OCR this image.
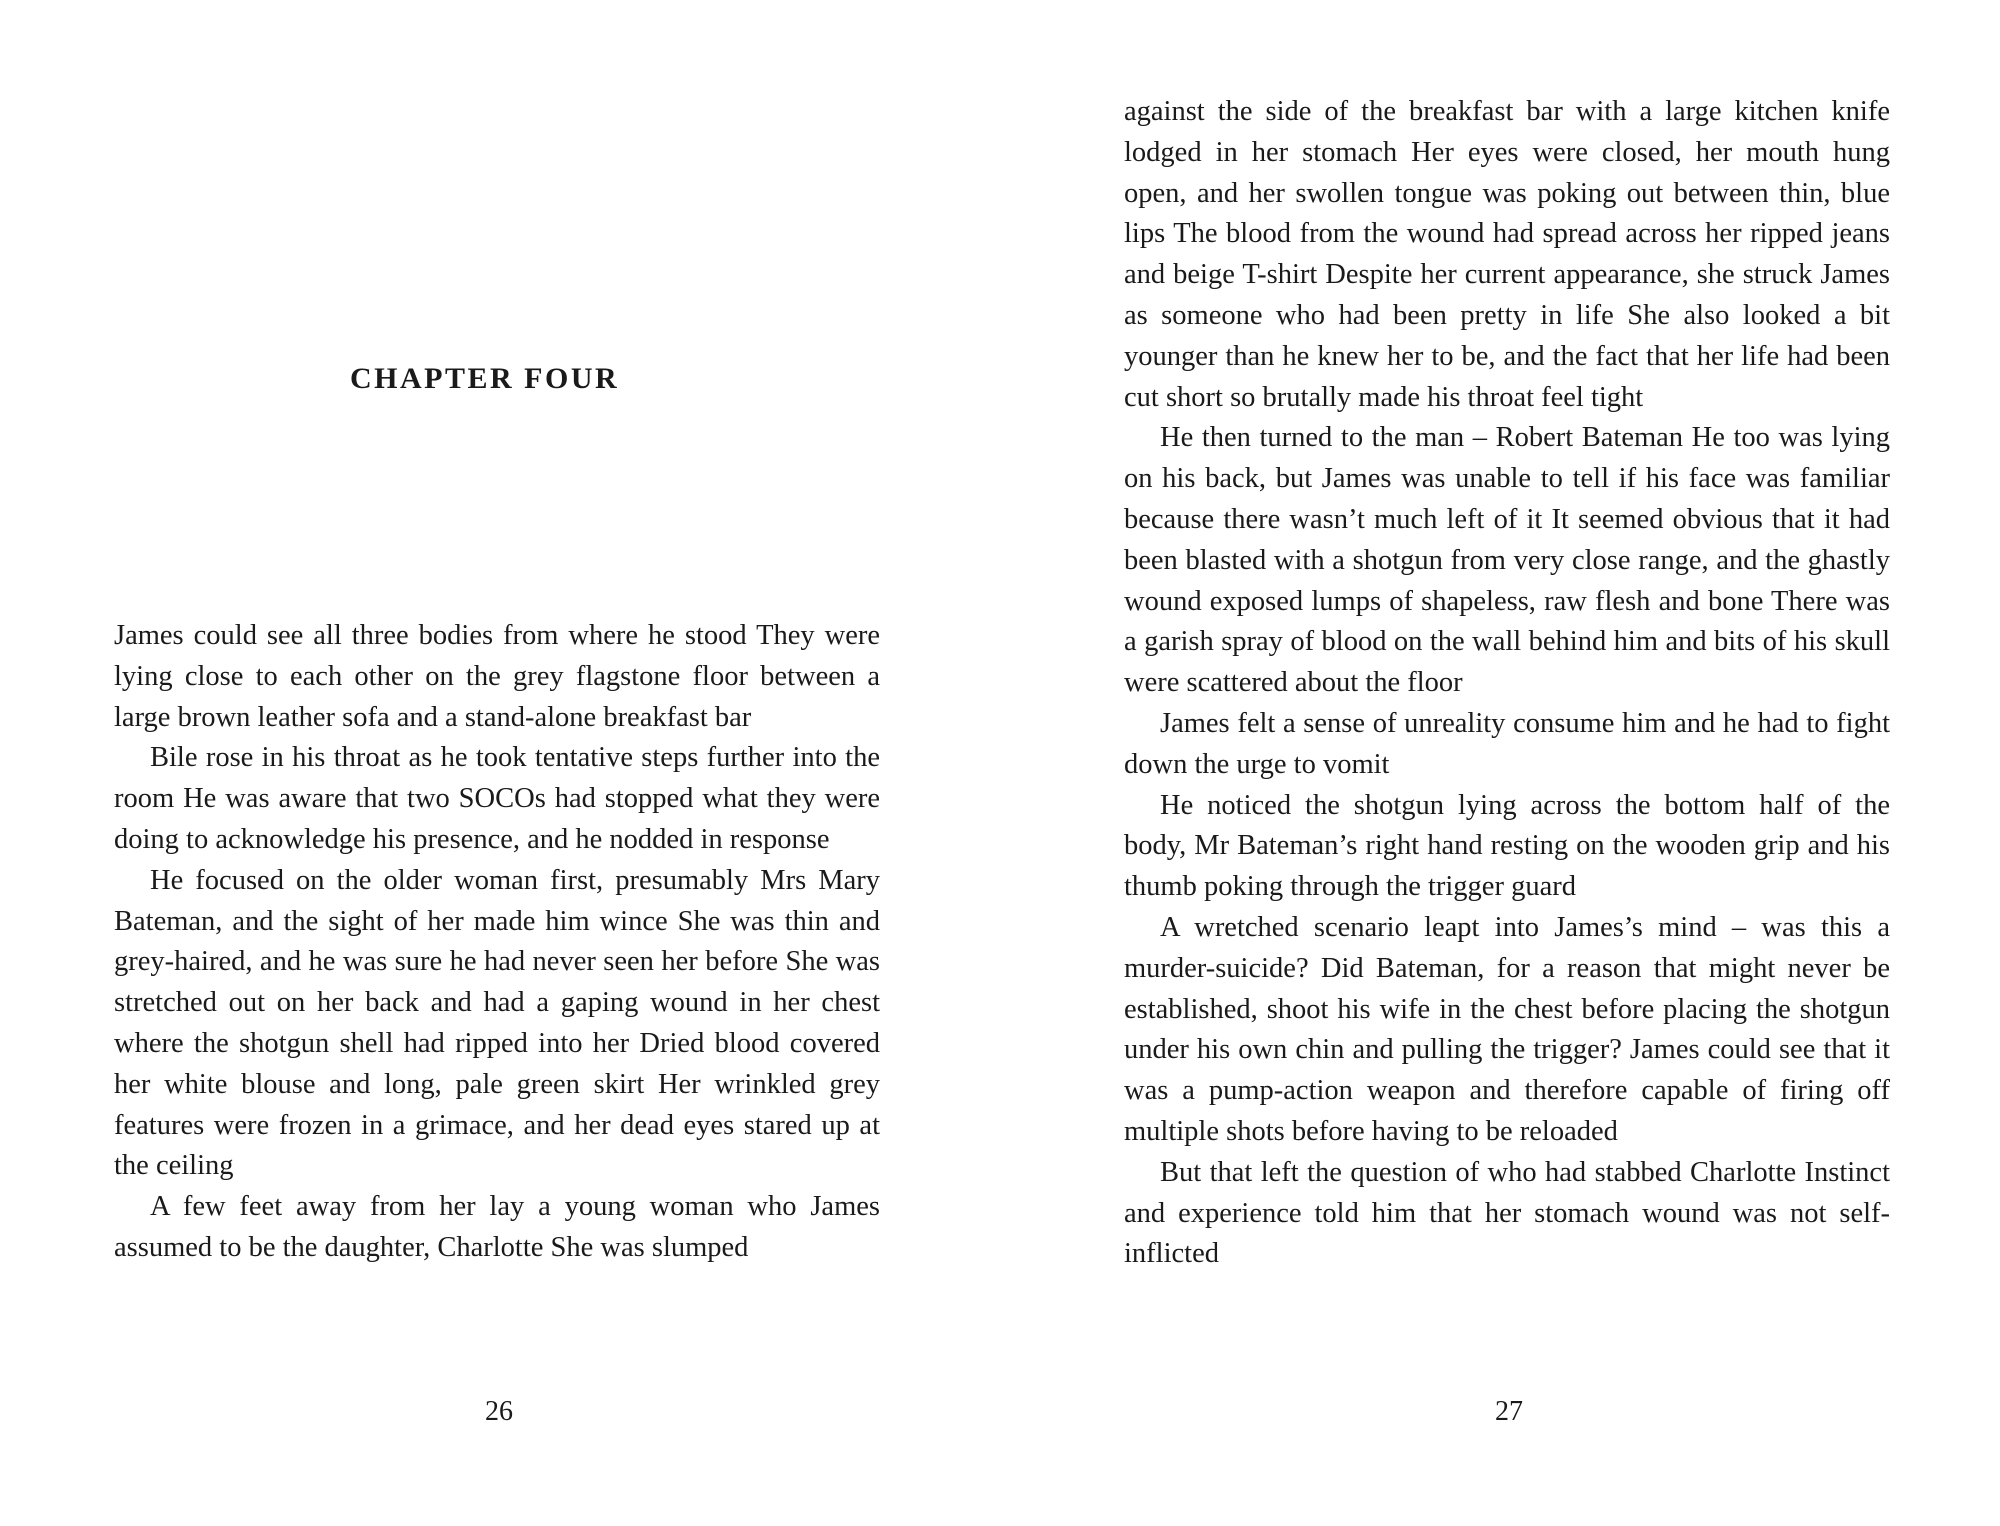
CHAPTER FOUR

James could see all three bodies from where he stood They were lying close to each other on the grey flagstone floor between a large brown leather sofa and a stand-alone breakfast bar

Bile rose in his throat as he took tentative steps further into the room He was aware that two SOCOs had stopped what they were doing to acknowledge his presence, and he nodded in response

He focused on the older woman first, presumably Mrs Mary Bateman, and the sight of her made him wince She was thin and grey-haired, and he was sure he had never seen her before She was stretched out on her back and had a gaping wound in her chest where the shotgun shell had ripped into her Dried blood covered her white blouse and long, pale green skirt Her wrinkled grey features were frozen in a grimace, and her dead eyes stared up at the ceiling

A few feet away from her lay a young woman who James assumed to be the daughter, Charlotte She was slumped

26

against the side of the breakfast bar with a large kitchen knife lodged in her stomach Her eyes were closed, her mouth hung open, and her swollen tongue was poking out between thin, blue lips The blood from the wound had spread across her ripped jeans and beige T-shirt Despite her current appearance, she struck James as someone who had been pretty in life She also looked a bit younger than he knew her to be, and the fact that her life had been cut short so brutally made his throat feel tight

He then turned to the man – Robert Bateman He too was lying on his back, but James was unable to tell if his face was familiar because there wasn’t much left of it It seemed obvious that it had been blasted with a shotgun from very close range, and the ghastly wound exposed lumps of shapeless, raw flesh and bone There was a garish spray of blood on the wall behind him and bits of his skull were scattered about the floor

James felt a sense of unreality consume him and he had to fight down the urge to vomit

He noticed the shotgun lying across the bottom half of the body, Mr Bateman’s right hand resting on the wooden grip and his thumb poking through the trigger guard

A wretched scenario leapt into James’s mind – was this a murder-suicide? Did Bateman, for a reason that might never be established, shoot his wife in the chest before placing the shotgun under his own chin and pulling the trigger? James could see that it was a pump-action weapon and therefore capable of firing off multiple shots before having to be reloaded

But that left the question of who had stabbed Charlotte Instinct and experience told him that her stomach wound was not self-inflicted

27
